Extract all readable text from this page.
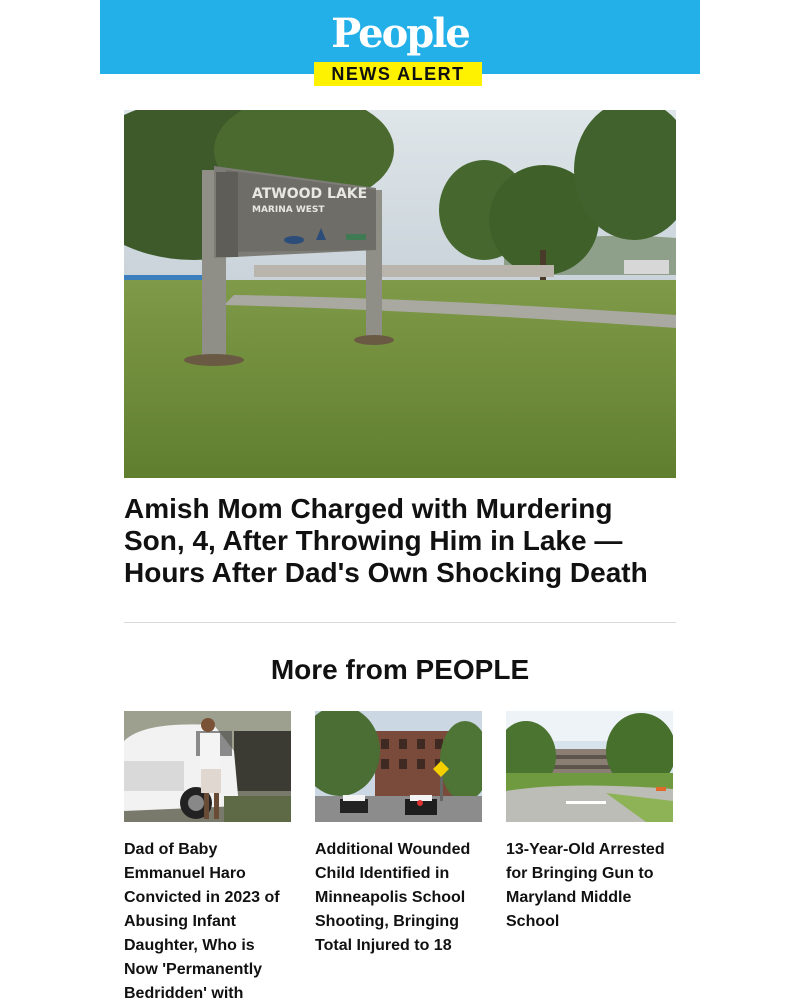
People
NEWS ALERT
ATWOOD LAKE
MARINA WEST
Amish Mom Charged with Murdering Son, 4, After Throwing Him in Lake — Hours After Dad's Own Shocking Death
More from PEOPLE
Dad of Baby Emmanuel Haro Convicted in 2023 of Abusing Infant Daughter, Who is Now 'Permanently Bedridden' with
Additional Wounded Child Identified in Minneapolis School Shooting, Bringing Total Injured to 18
13-Year-Old Arrested for Bringing Gun to Maryland Middle School
